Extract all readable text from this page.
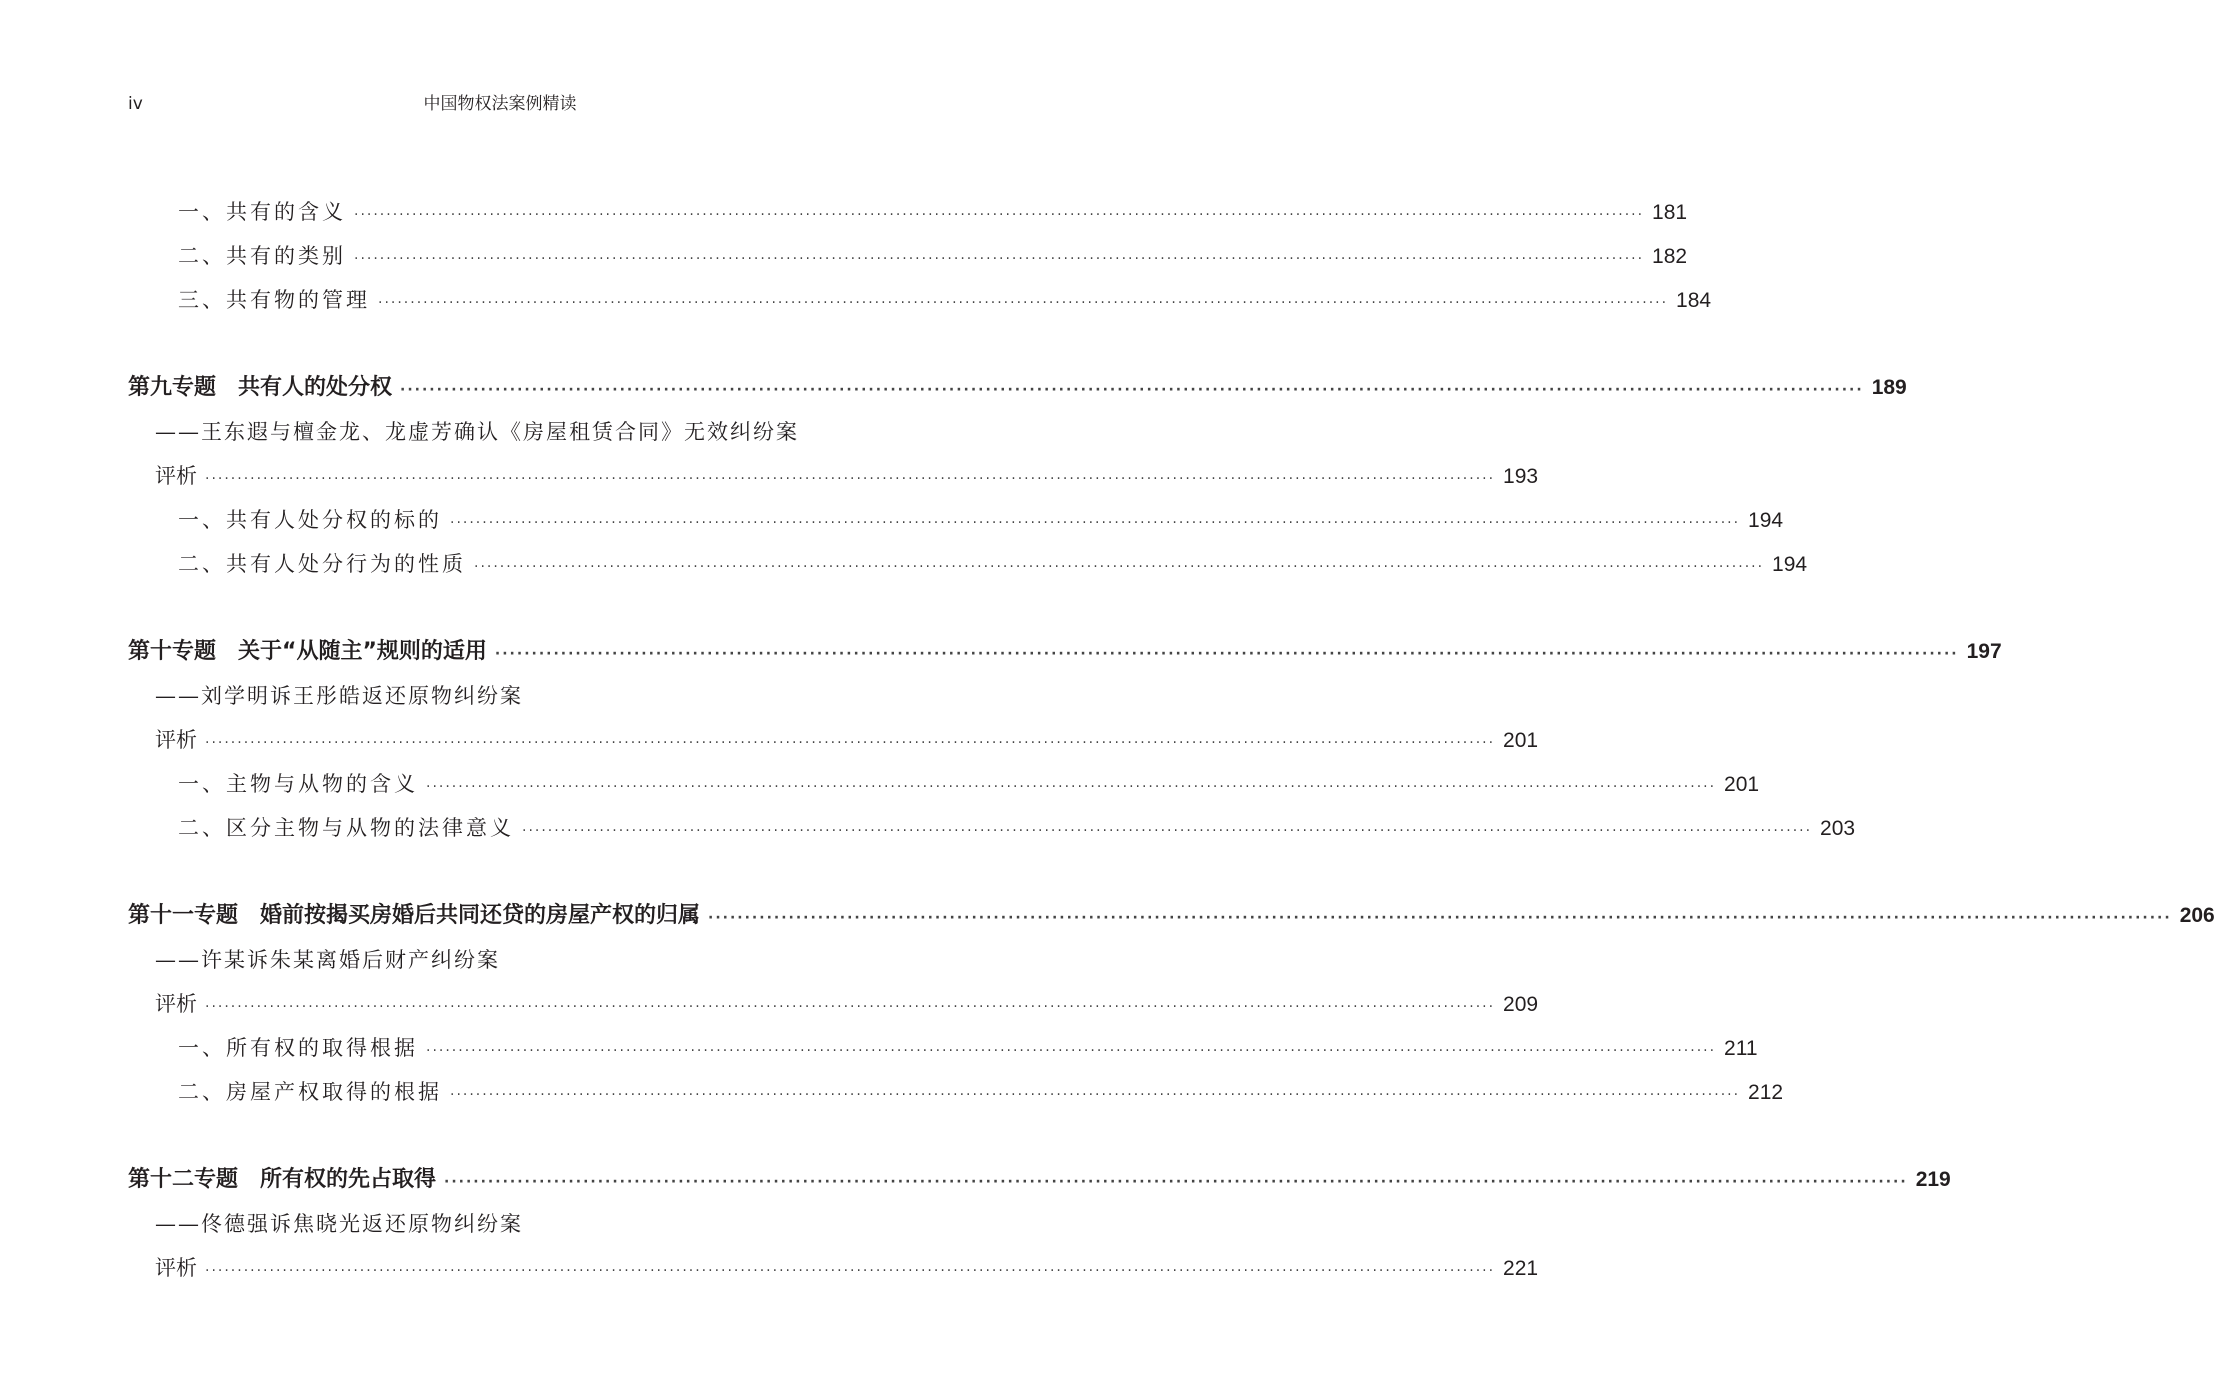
iv	中国物权法案例精读
一、共有的含义 ········································································································································································································ 181
二、共有的类别 ········································································································································································································ 182
三、共有物的管理 ········································································································································································································ 184
第九专题　共有人的处分权 ········································································································································································································ 189
——王东遐与檀金龙、龙虚芳确认《房屋租赁合同》无效纠纷案
评析 ········································································································································································································ 193
一、共有人处分权的标的 ········································································································································································································ 194
二、共有人处分行为的性质 ········································································································································································································ 194
第十专题　关于“从随主”规则的适用 ········································································································································································································ 197
——刘学明诉王彤皓返还原物纠纷案
评析 ········································································································································································································ 201
一、主物与从物的含义 ········································································································································································································ 201
二、区分主物与从物的法律意义 ········································································································································································································ 203
第十一专题　婚前按揭买房婚后共同还贷的房屋产权的归属 ········································································································································································································ 206
——许某诉朱某离婚后财产纠纷案
评析 ········································································································································································································ 209
一、所有权的取得根据 ········································································································································································································ 211
二、房屋产权取得的根据 ········································································································································································································ 212
第十二专题　所有权的先占取得 ········································································································································································································ 219
——佟德强诉焦晓光返还原物纠纷案
评析 ········································································································································································································ 221
